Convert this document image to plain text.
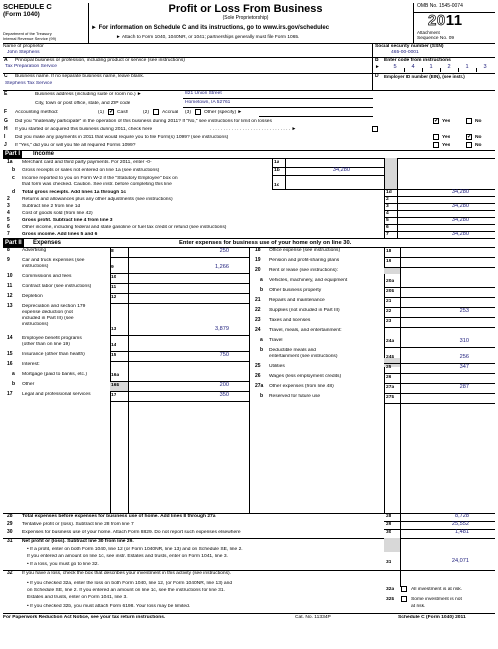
SCHEDULE C
(Form 1040)
Department of the Treasury
Internal Revenue Service (99)
Profit or Loss From Business
(Sole Proprietorship)
► For information on Schedule C and its instructions, go to www.irs.gov/schedulec
► Attach to Form 1040, 1040NR, or 1041; partnerships generally must file Form 1065.
OMB No. 1545-0074
2011
Attachment
Sequence No. 09
Name of proprietor
John Stephens
Social security number (SSN)
465-00-0001
A Principal business or profession, including product or service (see instructions)
Tax Preparation Service
B Enter code from instructions
►	5	4	1	2	1	3
C Business name. If no separate business name, leave blank.
Stephens Tax Service
D Employer ID number (EIN), (see instr.)
E	Business address (including suite or room no.) ►	821 Union Street
City, town or post office, state, and ZIP code	Hometown, IA 52761
F Accounting method:	(1) ✓ Cash	(2)	Accrual (3)	Other (specify) ►
G Did you "materially participate" in the operation of this business during 2011? If "No," see instructions for limit on losses	✓ Yes	No
H If you started or acquired this business during 2011, check here	. . . . . . . . . . . . . . . . . . . . . . . . . . . . . . ►
I Did you make any payments in 2011 that would require you to file Form(s) 1099? (see instructions)	Yes	✓ No
J If "Yes," did you or will you file all required Forms 1099?	Yes	No
Part I	Income
1a Merchant card and third party payments. For 2011, enter -0-	1a
b Gross receipts or sales not entered on line 1a (see instructions)	1b	34,280
c Income reported to you on Form W-2 if the "Statutory Employee" box on
that form was checked. Caution. See instr. before completing this line	1c
d Total gross receipts. Add lines 1a through 1c	1d	34,280
2 Returns and allowances plus any other adjustments (see instructions)	2
3 Subtract line 2 from line 1d	3	34,280
4 Cost of goods sold (from line 42)	4
5 Gross profit. Subtract line 4 from line 3	5	34,280
6 Other income, including federal and state gasoline or fuel tax credit or refund (see instructions)	6
Part II	Expenses	Enter expenses for business use of your home only on line 30.
28 Total expenses before expenses for business use of home. Add lines 8 through 27a	28	8,728
29 Tentative profit or (loss). Subtract line 28 from line 7	29	25,552
30 Expenses for business use of your home. Attach Form 8829. Do not report such expenses elsewhere	30	1,481
31 Net profit or (loss). Subtract line 30 from line 29.
• If a profit, enter on both Form 1040, line 12 (or Form 1040NR, line 13) and on Schedule SE, line 2.
If you entered an amount on line 1c, see instr. Estates and trusts, enter on Form 1041, line 3.
• If a loss, you must go to line 32.	31	24,071
32 If you have a loss, check the box that describes your investment in this activity (see instructions).
• If you checked 32a, enter the loss on both Form 1040, line 12, (or Form 1040NR, line 13) and
on Schedule SE, line 2. If you entered an amount on line 1c, see the instructions for line 31.
Estates and trusts, enter on Form 1041, line 3.
• If you checked 32b, you must attach Form 6198. Your loss may be limited.
32a	All investment is at risk.
32b	Some investment is not
at risk.
For Paperwork Reduction Act Notice, see your tax return instructions.	Cat. No. 11334P	Schedule C (Form 1040) 2011
8 Advertising	8	250
9 Car and truck expenses (see
instructions)	9	1,266
10 Commissions and fees	10
11 Contract labor (see instructions)	11
12 Depletion	12
13 Depreciation and section 179
expense deduction (not
included in Part III) (see
instructions)
13	3,879
14 Employee benefit programs
(other than on line 19)	14
15 Insurance (other than health)	15	750
16 Interest:
a Mortgage (paid to banks, etc.)	16a
b Other	16b	200
17 Legal and professional services	17	350
18 Office expense (see instructions)	18
19 Pension and profit-sharing plans	19
20 Rent or lease (see instructions):
a Vehicles, machinery, and equipment	20a
b Other business property	20b
21 Repairs and maintenance	21
22 Supplies (not included in Part III)	22	253
23 Taxes and licenses	23
24 Travel, meals, and entertainment:
a Travel	24a	310
b Deductible meals and
entertainment (see instructions)	24b	256
25 Utilities	25	347
26 Wages (less employment credits)	26
27a Other expenses (from line 48)	27a	287
b Reserved for future use	27b
7 Gross income. Add lines 5 and 6	7	34,280
